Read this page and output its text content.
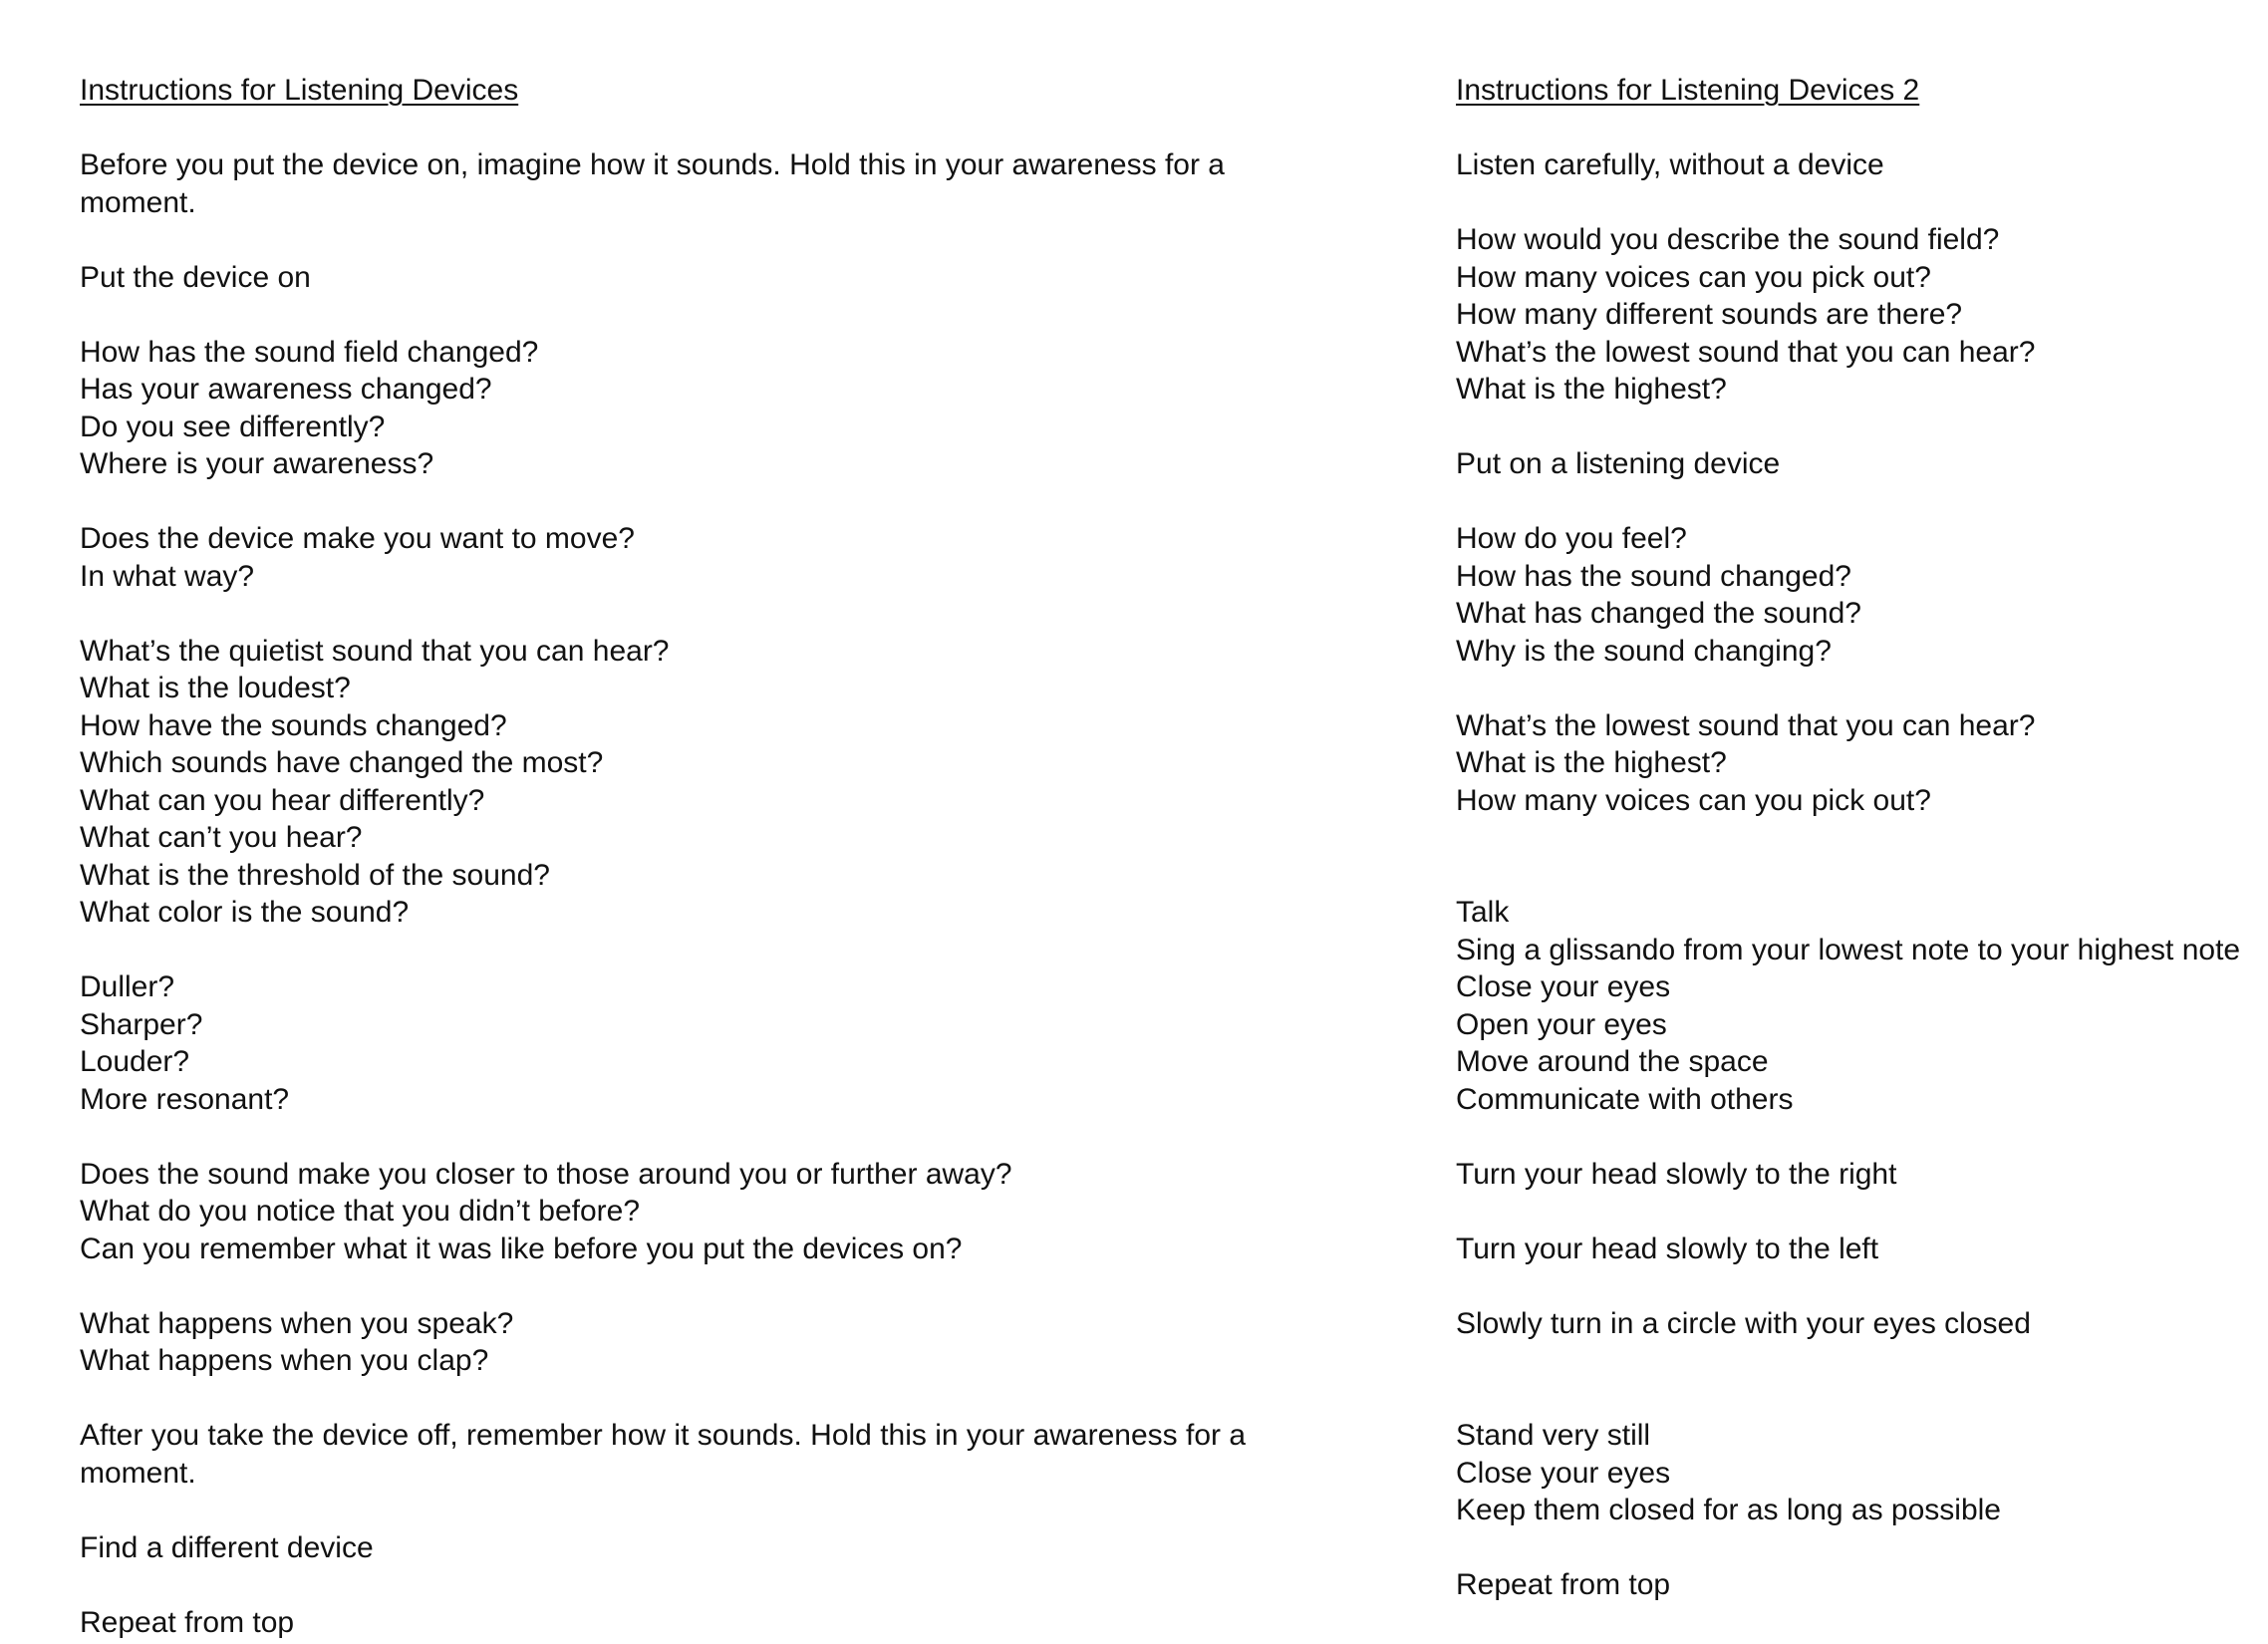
Instructions for Listening Devices
Before you put the device on, imagine how it sounds. Hold this in your awareness for a moment.
Put the device on
How has the sound field changed?
Has your awareness changed?
Do you see differently?
Where is your awareness?
Does the device make you want to move?
In what way?
What’s the quietist sound that you can hear?
What is the loudest?
How have the sounds changed?
Which sounds have changed the most?
What can you hear differently?
What can’t you hear?
What is the threshold of the sound?
What color is the sound?
Duller?
Sharper?
Louder?
More resonant?
Does the sound make you closer to those around you or further away?
What do you notice that you didn’t before?
Can you remember what it was like before you put the devices on?
What happens when you speak?
What happens when you clap?
After you take the device off, remember how it sounds. Hold this in your awareness for a moment.
Find a different device
Repeat from top
Instructions for Listening Devices 2
Listen carefully, without a device
How would you describe the sound field?
How many voices can you pick out?
How many different sounds are there?
What’s the lowest sound that you can hear?
What is the highest?
Put on a listening device
How do you feel?
How has the sound changed?
What has changed the sound?
Why is the sound changing?
What’s the lowest sound that you can hear?
What is the highest?
How many voices can you pick out?
Talk
Sing a glissando from your lowest note to your highest note
Close your eyes
Open your eyes
Move around the space
Communicate with others
Turn your head slowly to the right
Turn your head slowly to the left
Slowly turn in a circle with your eyes closed
Stand very still
Close your eyes
Keep them closed for as long as possible
Repeat from top
